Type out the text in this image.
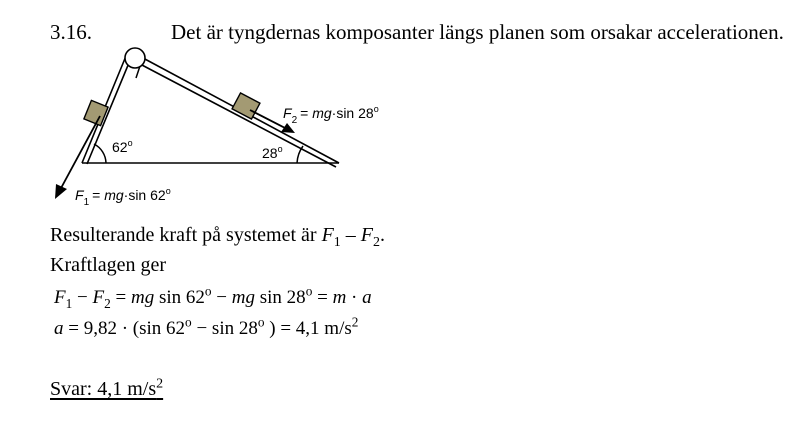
3.16.	Det är tyngdernas komposanter längs planen som orsakar accelerationen.
62$^o$
28$^o$
$F_2 = mg\cdot\sin$ 28$^o$
$F_1 = mg\cdot\sin$ 62$^o$
Resulterande kraft på systemet är $F_1 - F_2$.
Kraftlagen ger
$F_1 - F_2$ = mg $\sin 62^o$ − mg $\sin 28^o = m \cdot a$
a = 9,82 · (sin $62^o - \sin 28^o$ ) = 4,1 $m/s^2$
Svar: 4,1 $m/s^2$
